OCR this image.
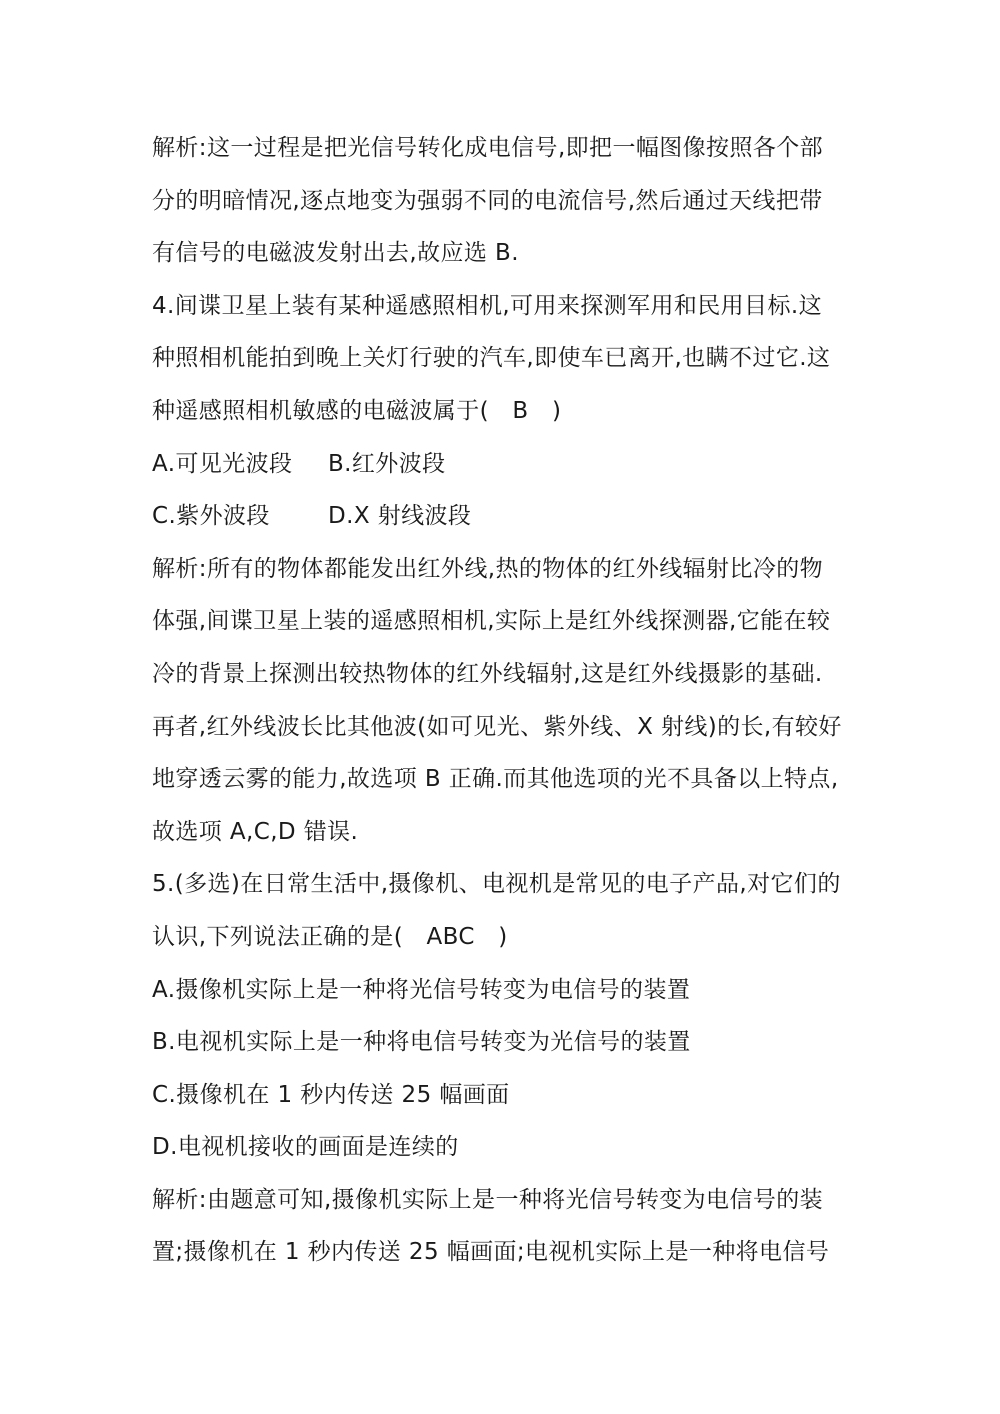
解析:这一过程是把光信号转化成电信号,即把一幅图像按照各个部
分的明暗情况,逐点地变为强弱不同的电流信号,然后通过天线把带
有信号的电磁波发射出去,故应选 B.
4.间谍卫星上装有某种遥感照相机,可用来探测军用和民用目标.这
种照相机能拍到晚上关灯行驶的汽车,即使车已离开,也瞒不过它.这
种遥感照相机敏感的电磁波属于(　B　)
A.可见光波段 B.红外波段
C.紫外波段	D.X 射线波段
解析:所有的物体都能发出红外线,热的物体的红外线辐射比冷的物
体强,间谍卫星上装的遥感照相机,实际上是红外线探测器,它能在较
冷的背景上探测出较热物体的红外线辐射,这是红外线摄影的基础.
再者,红外线波长比其他波(如可见光、紫外线、X 射线)的长,有较好
地穿透云雾的能力,故选项 B 正确.而其他选项的光不具备以上特点,
故选项 A,C,D 错误.
5.(多选)在日常生活中,摄像机、电视机是常见的电子产品,对它们的
认识,下列说法正确的是(　ABC　)
A.摄像机实际上是一种将光信号转变为电信号的装置
B.电视机实际上是一种将电信号转变为光信号的装置
C.摄像机在 1 秒内传送 25 幅画面
D.电视机接收的画面是连续的
解析:由题意可知,摄像机实际上是一种将光信号转变为电信号的装
置;摄像机在 1 秒内传送 25 幅画面;电视机实际上是一种将电信号
